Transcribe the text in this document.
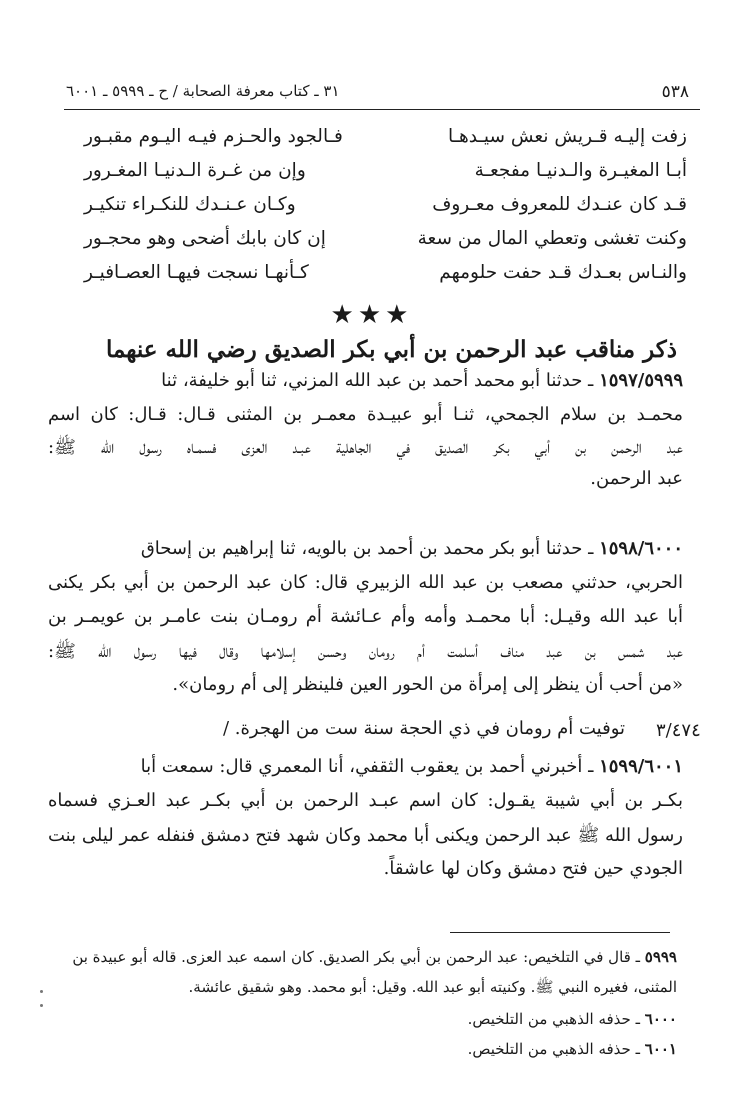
٥٣٨
٣١ ـ كتاب معرفة الصحابة / ح ـ ٥٩٩٩ ـ ٦٠٠١
زفت إليـه قـريش نعش سيـدهـا
فـالجود والحـزم فيـه اليـوم مقبـور
أبـا المغيـرة والـدنيـا مفجعـة
وإن من غـرة الـدنيـا المغـرور
قـد كان عنـدك للمعروف معـروف
وكـان عـنـدك للنكـراء تنكيـر
وكنت تغشى وتعطي المال من سعة
إن كان بابك أضحى وهو محجـور
والنـاس بعـدك قـد حفت حلومهم
كـأنهـا نسجت فيهـا العصـافيـر
★★★
ذكر مناقب عبد الرحمن بن أبي بكر الصديق رضي الله عنهما
١٥٩٧/٥٩٩٩ ـ حدثنا أبو محمد أحمد بن عبد الله المزني، ثنا أبو خليفة، ثنا
محمـد بن سلام الجمحي، ثنـا أبو عبيـدة معمـر بن المثنى قـال: قـال: كان اسم
عبد الرحمن بن أبي بكر الصديق في الجاهلية عبـد العزى فسمـاه رسول الله ﷺ:
عبد الرحمن.
١٥٩٨/٦٠٠٠ ـ حدثنا أبو بكر محمد بن أحمد بن بالويه، ثنا إبراهيم بن إسحاق
الحربي، حدثني مصعب بن عبد الله الزبيري قال: كان عبد الرحمن بن أبي بكر يكنى
أبا عبد الله وقيـل: أبا محمـد وأمه وأم عـائشة أم رومـان بنت عامـر بن عويمـر بن
عبد شمس بن عبد مناف أسلمت أم رومان وحسن إسلامها وقال فيها رسول الله ﷺ:
«من أحب أن ينظر إلى إمرأة من الحور العين فلينظر إلى أم رومان».
توفيت أم رومان في ذي الحجة سنة ست من الهجرة. / ٣/٤٧٤
١٥٩٩/٦٠٠١ ـ أخبرني أحمد بن يعقوب الثقفي، أنا المعمري قال: سمعت أبا
بكـر بن أبي شيبة يقـول: كان اسم عبـد الرحمن بن أبي بكـر عبد العـزي فسماه
رسول الله ﷺ عبد الرحمن ويكنى أبا محمد وكان شهد فتح دمشق فنفله عمر ليلى بنت
الجودي حين فتح دمشق وكان لها عاشقاً.
٥٩٩٩ ـ قال في التلخيص: عبد الرحمن بن أبي بكر الصديق. كان اسمه عبد العزى. قاله أبو عبيدة بن
المثنى، فغيره النبي ﷺ. وكنيته أبو عبد الله. وقيل: أبو محمد. وهو شقيق عائشة.
٦٠٠٠ ـ حذفه الذهبي من التلخيص.
٦٠٠١ ـ حذفه الذهبي من التلخيص.
